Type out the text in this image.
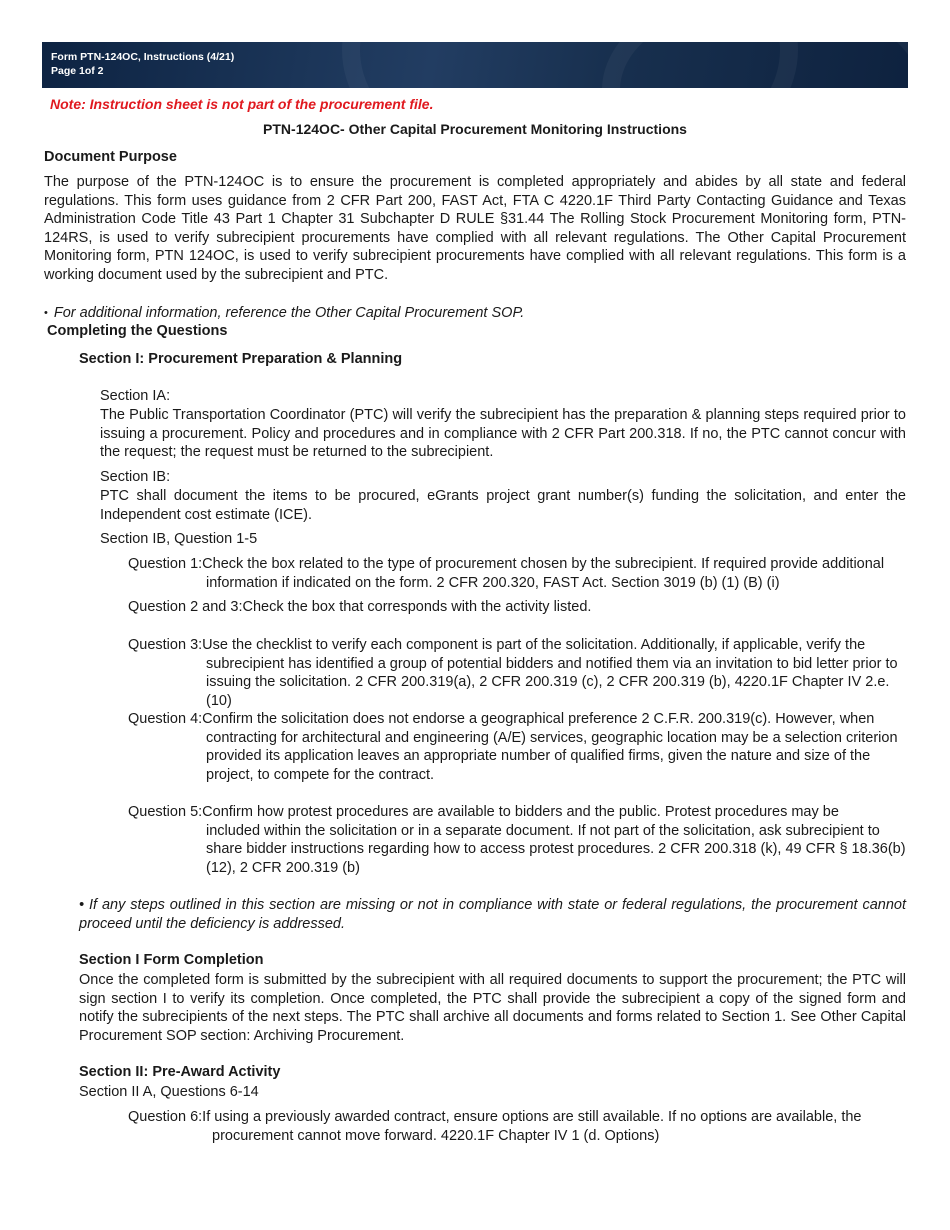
Form PTN-124OC, Instructions (4/21)
Page 1of 2
Note: Instruction sheet is not part of the procurement file.
PTN-124OC- Other Capital Procurement Monitoring Instructions
Document Purpose

The purpose of the PTN-124OC is to ensure the procurement is completed appropriately and abides by all state and federal regulations. This form uses guidance from 2 CFR Part 200, FAST Act, FTA C 4220.1F Third Party Contacting Guidance and Texas Administration Code Title 43 Part 1 Chapter 31 Subchapter D RULE §31.44 The Rolling Stock Procurement Monitoring form, PTN-124RS, is used to verify subrecipient procurements have complied with all relevant regulations. The Other Capital Procurement Monitoring form, PTN 124OC, is used to verify subrecipient procurements have complied with all relevant regulations. This form is a working document used by the subrecipient and PTC.

• For additional information, reference the Other Capital Procurement SOP.
Completing the Questions
Section I: Procurement Preparation & Planning
Section IA:

The Public Transportation Coordinator (PTC) will verify the subrecipient has the preparation & planning steps required prior to issuing a procurement. Policy and procedures and in compliance with 2 CFR Part 200.318. If no, the PTC cannot concur with the request; the request must be returned to the subrecipient.

Section IB:

PTC shall document the items to be procured, eGrants project grant number(s) funding the solicitation, and enter the Independent cost estimate (ICE).

Section IB, Question 1-5
Question 1: Check the box related to the type of procurement chosen by the subrecipient. If required provide additional
information if indicated on the form. 2 CFR 200.320, FAST Act. Section 3019 (b) (1) (B) (i)
Question 2 and 3: Check the box that corresponds with the activity listed.
Question 3: Use the checklist to verify each component is part of the solicitation. Additionally, if applicable, verify the
subrecipient has identified a group of potential bidders and notified them via an invitation to bid letter prior to issuing the solicitation. 2 CFR 200.319(a), 2 CFR 200.319 (c), 2 CFR 200.319 (b), 4220.1F Chapter IV 2.e.(10)
Question 4: Confirm the solicitation does not endorse a geographical preference 2 C.F.R. 200.319(c). However, when
contracting for architectural and engineering (A/E) services, geographic location may be a selection criterion provided its application leaves an appropriate number of qualified firms, given the nature and size of the project, to compete for the contract.
Question 5: Confirm how protest procedures are available to bidders and the public. Protest procedures may be
included within the solicitation or in a separate document. If not part of the solicitation, ask subrecipient to share bidder instructions regarding how to access protest procedures. 2 CFR 200.318 (k), 49 CFR § 18.36(b) (12), 2 CFR 200.319 (b)

• If any steps outlined in this section are missing or not in compliance with state or federal regulations, the procurement cannot proceed until the deficiency is addressed.

Section I Form Completion

Once the completed form is submitted by the subrecipient with all required documents to support the procurement; the PTC will sign section I to verify its completion. Once completed, the PTC shall provide the subrecipient a copy of the signed form and notify the subrecipients of the next steps. The PTC shall archive all documents and forms related to Section 1. See Other Capital Procurement SOP section: Archiving Procurement.

Section II: Pre-Award Activity
Section II A, Questions 6-14
Question 6: If using a previously awarded contract, ensure options are still available. If no options are available, the
procurement cannot move forward. 4220.1F Chapter IV 1 (d. Options)
